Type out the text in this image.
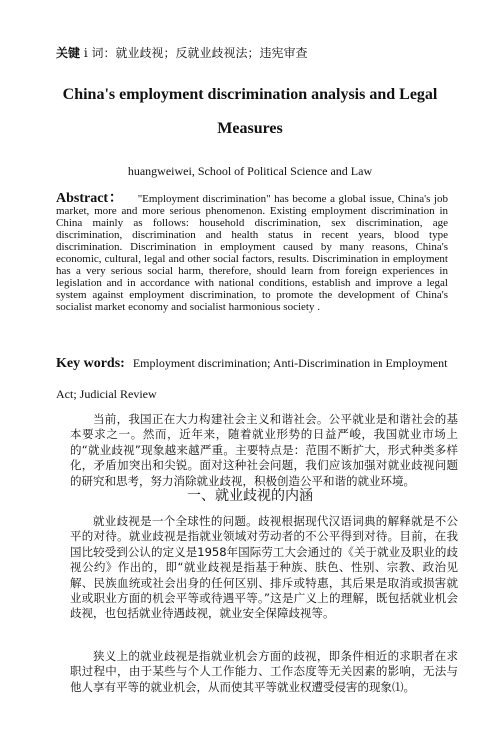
关键 i 词：就业歧视；反就业歧视法；违宪审查
China's employment discrimination analysis and Legal Measures
huangweiwei, School of Political Science and Law
Abstract： "Employment discrimination" has become a global issue, China's job market, more and more serious phenomenon. Existing employment discrimination in China mainly as follows: household discrimination, sex discrimination, age discrimination, discrimination and health status in recent years, blood type discrimination. Discrimination in employment caused by many reasons, China's economic, cultural, legal and other social factors, results. Discrimination in employment has a very serious social harm, therefore, should learn from foreign experiences in legislation and in accordance with national conditions, establish and improve a legal system against employment discrimination, to promote the development of China's socialist market economy and socialist harmonious society .
Key words: Employment discrimination; Anti-Discrimination in Employment Act; Judicial Review
当前，我国正在大力构建社会主义和谐社会。公平就业是和谐社会的基本要求之一。然而，近年来，随着就业形势的日益严峻，我国就业市场上的“就业歧视”现象越来越严重。主要特点是：范围不断扩大，形式种类多样化，矛盾加突出和尖锐。面对这种社会问题，我们应该加强对就业歧视问题的研究和思考，努力消除就业歧视，积极创造公平和谐的就业环境。
一、就业歧视的内涵
就业歧视是一个全球性的问题。歧视根据现代汉语词典的解释就是不公平的对待。就业歧视是指就业领域对劳动者的不公平得到对待。目前，在我国比较受到公认的定义是1958年国际劳工大会通过的《关于就业及职业的歧视公约》作出的，即“就业歧视是指基于种族、肤色、性别、宗教、政治见解、民族血统或社会出身的任何区别、排斥或特惠，其后果是取消或损害就业或职业方面的机会平等或待遇平等。”这是广义上的理解，既包括就业机会歧视，也包括就业待遇歧视，就业安全保障歧视等。
狭义上的就业歧视是指就业机会方面的歧视，即条件相近的求职者在求职过程中，由于某些与个人工作能力、工作态度等无关因素的影响，无法与他人享有平等的就业机会，从而使其平等就业权遭受侵害的现象⑴。
